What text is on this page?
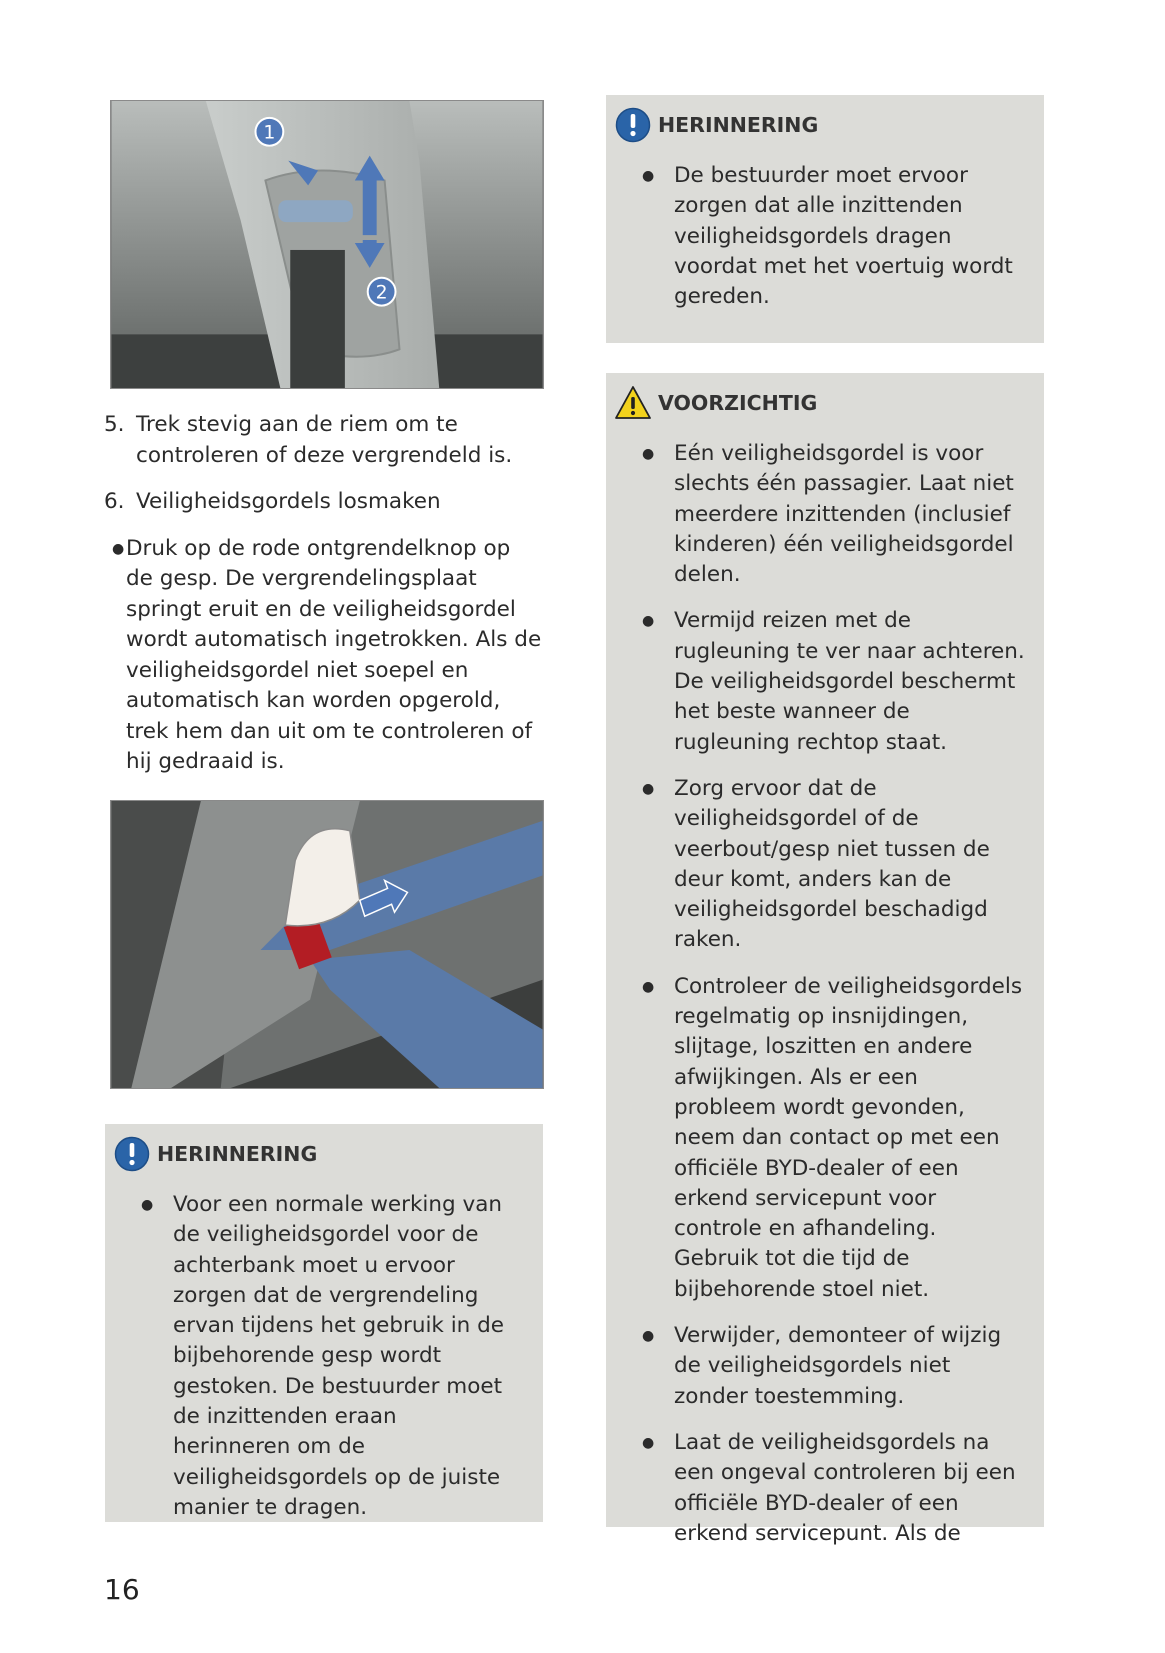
1
2
5. Trek stevig aan de riem om te controleren of deze vergrendeld is.
6. Veiligheidsgordels losmaken
● Druk op de rode ontgrendelknop op de gesp. De vergrendelingsplaat springt eruit en de veiligheidsgordel wordt automatisch ingetrokken. Als de veiligheidsgordel niet soepel en automatisch kan worden opgerold, trek hem dan uit om te controleren of hij gedraaid is.
HERINNERING
● Voor een normale werking van de veiligheidsgordel voor de achterbank moet u ervoor zorgen dat de vergrendeling ervan tijdens het gebruik in de bijbehorende gesp wordt gestoken. De bestuurder moet de inzittenden eraan herinneren om de veiligheidsgordels op de juiste manier te dragen.
HERINNERING
● De bestuurder moet ervoor zorgen dat alle inzittenden veiligheidsgordels dragen voordat met het voertuig wordt gereden.
VOORZICHTIG
● Eén veiligheidsgordel is voor slechts één passagier. Laat niet meerdere inzittenden (inclusief kinderen) één veiligheidsgordel delen.
● Vermijd reizen met de rugleuning te ver naar achteren. De veiligheidsgordel beschermt het beste wanneer de rugleuning rechtop staat.
● Zorg ervoor dat de veiligheidsgordel of de veerbout/gesp niet tussen de deur komt, anders kan de veiligheidsgordel beschadigd raken.
● Controleer de veiligheidsgordels regelmatig op insnijdingen, slijtage, loszitten en andere afwijkingen. Als er een probleem wordt gevonden, neem dan contact op met een officiële BYD-dealer of een erkend servicepunt voor controle en afhandeling. Gebruik tot die tijd de bijbehorende stoel niet.
● Verwijder, demonteer of wijzig de veiligheidsgordels niet zonder toestemming.
● Laat de veiligheidsgordels na een ongeval controleren bij een officiële BYD-dealer of een erkend servicepunt. Als de
16
